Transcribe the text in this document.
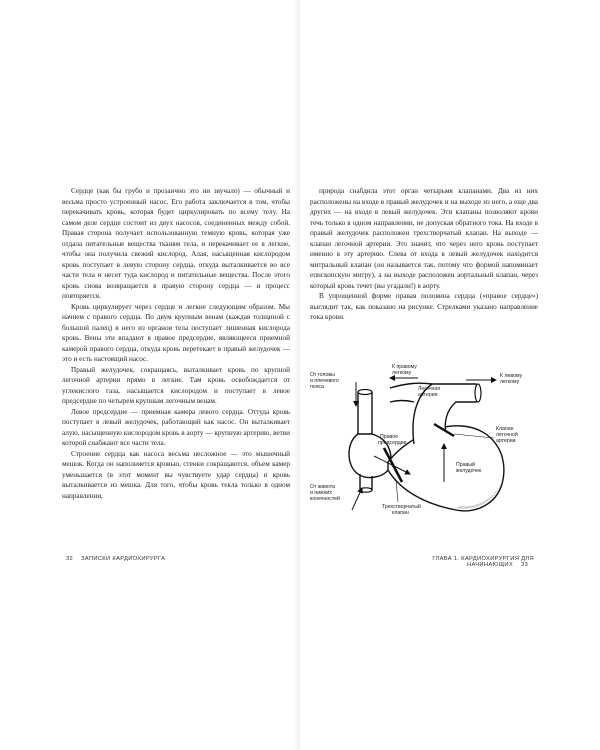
Сердце (как бы грубо и прозаично это ни звучало) — обычный и весьма просто устроенный насос. Его работа заключается в том, чтобы перекачивать кровь, которая будет циркулировать по всему телу. На самом деле сердце состоит из двух насосов, соединенных между собой. Правая сторона получает использованную темную кровь, которая уже отдала питательные вещества тканям тела, и перекачивает ее в легкие, чтобы она получила свежий кислород. Алая, насыщенная кислородом кровь поступает в левую сторону сердца, откуда выталкивается во все части тела и несет туда кислород и питательные вещества. После этого кровь снова возвращается в правую сторону сердца — и процесс повторяется.

Кровь циркулирует через сердце и легкие следующим образом. Мы начнем с правого сердца. По двум крупным венам (каждая толщиной с большой палец) в него из органов тела поступает лишенная кислорода кровь. Вены эти впадают в правое предсердие, являющееся приемной камерой правого сердца, откуда кровь перетекает в правый желудочек — это и есть настоящий насос.

Правый желудочек, сокращаясь, выталкивает кровь по крупной легочной артерии прямо в легкие. Там кровь освобождается от углекислого газа, насыщается кислородом и поступает в левое предсердие по четырем крупным легочным венам.

Левое предсердие — приемная камера левого сердца. Оттуда кровь поступает в левый желудочек, работающий как насос. Он выталкивает алую, насыщенную кислородом кровь в аорту — крупную артерию, ветви которой снабжают все части тела.

Строение сердца как насоса весьма несложное — это мышечный мешок. Когда он наполняется кровью, стенки сокращаются, объем камер уменьшается (в этот момент вы чувствуете удар сердца) и кровь выталкивается из мешка. Для того, чтобы кровь текла только в одном направлении,

природа снабдила этот орган четырьмя клапанами. Два из них расположены на входе в правый желудочек и на выходе из него, а еще два других — на входе в левый желудочек. Эти клапаны позволяют крови течь только в одном направлении, не допуская обратного тока. На входе в правый желудочек расположен трехстворчатый клапан. На выходе — клапан легочной артерии. Это значит, что через него кровь поступает именно в эту артерию. Слева от входа в левый желудочек находится митральный клапан (он называется так, потому что формой напоминает епископскую митру), а на выходе расположен аортальный клапан, через который кровь течет (вы угадали!) в аорту.

В упрощенной форме правая половина сердца («правое сердце») выглядит так, как показано на рисунке. Стрелками указано направление тока крови.

От головы и плечевого пояса
К правому легкому
Легочная артерия
К левому легкому
Клапан легочной артерии
Правое предсердие
Правый желудочек
От живота и нижних конечностей
Трехстворчатый клапан
32 ЗАПИСКИ КАРДИОХИРУРГА	ГЛАВА 1. КАРДИОХИРУРГИЯ ДЛЯ НАЧИНАЮЩИХ 33
